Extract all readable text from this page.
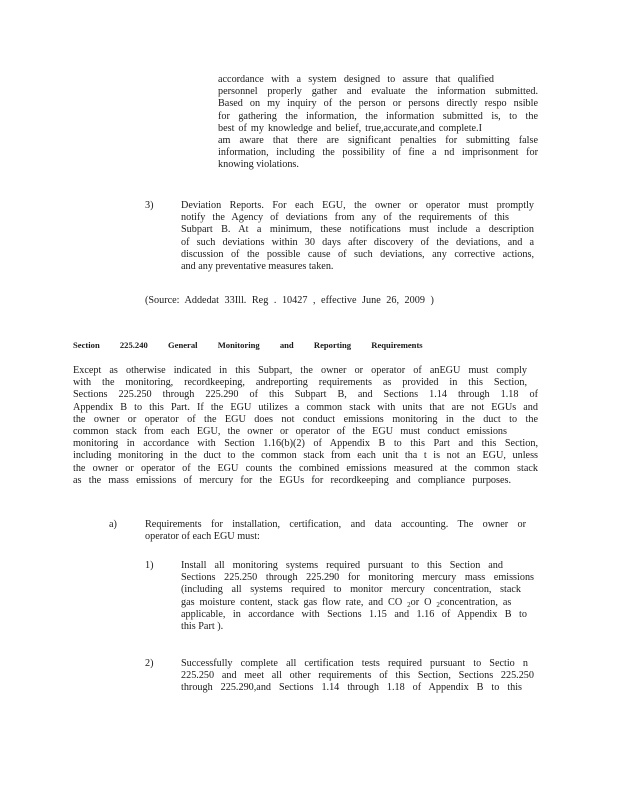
accordance with a system designed to assure that qualified
personnel properly gather and evaluate the information submitted.
Based on my inquiry of the person or persons directly respo nsible
for gathering the information, the information submitted is, to the
best of my knowledge and belief, true,accurate,and complete.I
am aware that there are significant penalties for submitting false
information, including the possibility of fine a nd imprisonment for
knowing violations.
3)	Deviation Reports. For each EGU, the owner or operator must promptly
notify the Agency of deviations from any of the requirements of this
Subpart B. At a minimum, these notifications must include a description
of such deviations within 30 days after discovery of the deviations, and a
discussion of the possible cause of such deviations, any corrective actions,
and any preventative measures taken.
(Source: Addedat 33Ill. Reg . 10427 , effective June 26, 2009 )
Section 225.240 General Monitoring and Reporting Requirements
Except as otherwise indicated in this Subpart, the owner or operator of anEGU must comply
with the monitoring, recordkeeping, andreporting requirements as provided in this Section,
Sections 225.250 through 225.290 of this Subpart B, and Sections 1.14 through 1.18 of
Appendix B to this Part. If the EGU utilizes a common stack with units that are not EGUs and
the owner or operator of the EGU does not conduct emissions monitoring in the duct to the
common stack from each EGU, the owner or operator of the EGU must conduct emissions
monitoring in accordance with Section 1.16(b)(2) of Appendix B to this Part and this Section,
including monitoring in the duct to the common stack from each unit tha t is not an EGU, unless
the owner or operator of the EGU counts the combined emissions measured at the common stack
as the mass emissions of mercury for the EGUs for recordkeeping and compliance purposes.
a)	Requirements for installation, certification, and data accounting. The owner or
operator of each EGU must:
1)	Install all monitoring systems required pursuant to this Section and
Sections 225.250 through 225.290 for monitoring mercury mass emissions
(including all systems required to monitor mercury concentration, stack
gas moisture content, stack gas flow rate, and CO $_2$or O $_2$concentration, as
applicable, in accordance with Sections 1.15 and 1.16 of Appendix B to
this Part ).
2)	Successfully complete all certification tests required pursuant to Sectio n
225.250 and meet all other requirements of this Section, Sections 225.250
through 225.290,and Sections 1.14 through 1.18 of Appendix B to this
